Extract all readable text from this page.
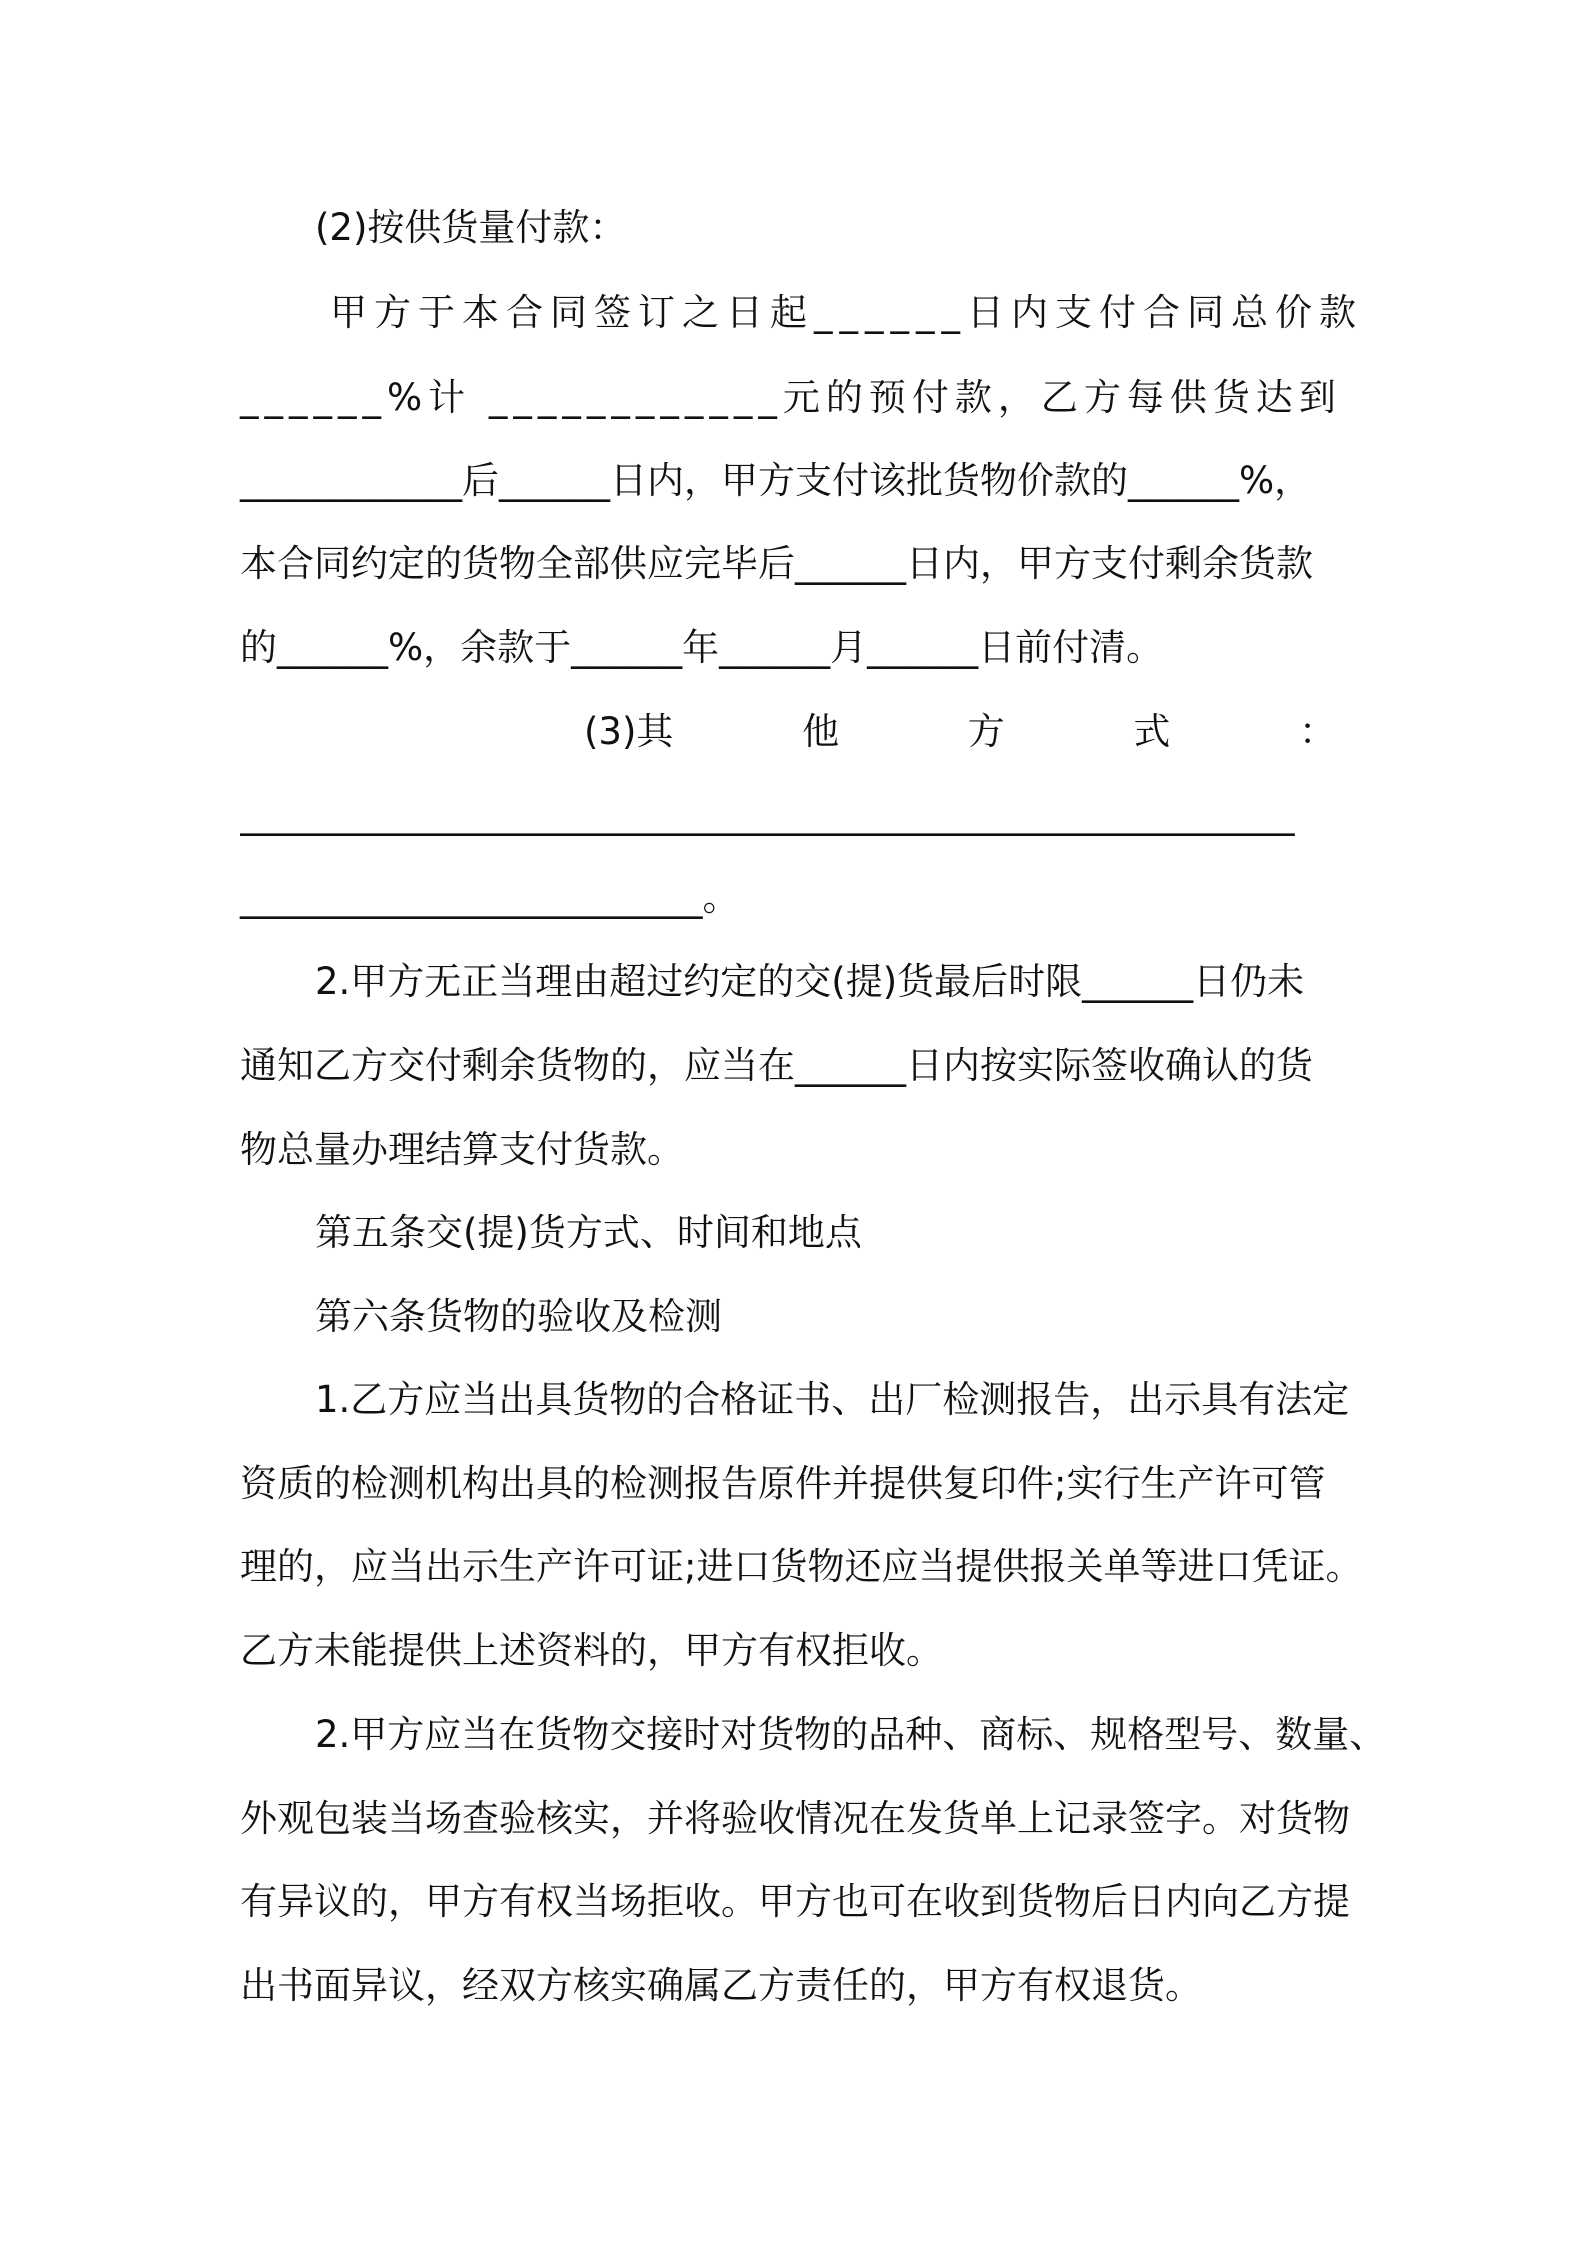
(2)按供货量付款：
甲方于本合同签订之日起______日内支付合同总价款
______%计 ____________元的预付款，乙方每供货达到
____________后______日内，甲方支付该批货物价款的______%，
本合同约定的货物全部供应完毕后______日内，甲方支付剩余货款
的______%，余款于______年______月______日前付清。
(3)其	他	方	式	：
_________________________________________________________
_________________________。
2.甲方无正当理由超过约定的交(提)货最后时限______日仍未
通知乙方交付剩余货物的，应当在______日内按实际签收确认的货
物总量办理结算支付货款。
第五条交(提)货方式、时间和地点
第六条货物的验收及检测
1.乙方应当出具货物的合格证书、出厂检测报告，出示具有法定
资质的检测机构出具的检测报告原件并提供复印件;实行生产许可管
理的，应当出示生产许可证;进口货物还应当提供报关单等进口凭证。
乙方未能提供上述资料的，甲方有权拒收。
2.甲方应当在货物交接时对货物的品种、商标、规格型号、数量、
外观包装当场查验核实，并将验收情况在发货单上记录签字。对货物
有异议的，甲方有权当场拒收。甲方也可在收到货物后日内向乙方提
出书面异议，经双方核实确属乙方责任的，甲方有权退货。
